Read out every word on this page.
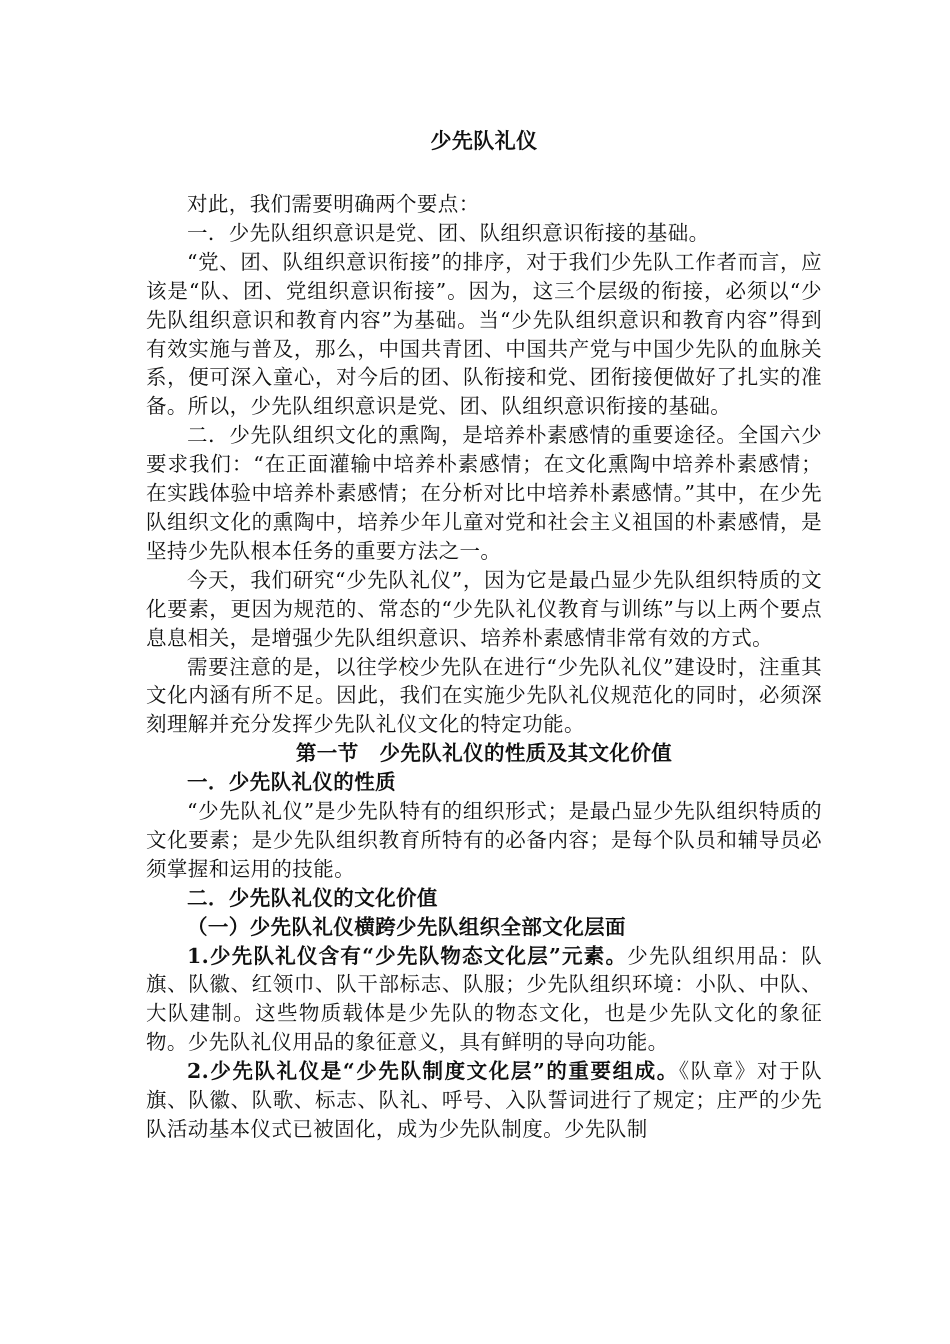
少先队礼仪

对此，我们需要明确两个要点：

一．少先队组织意识是党、团、队组织意识衔接的基础。

“党、团、队组织意识衔接”的排序，对于我们少先队工作者而言，应该是“队、团、党组织意识衔接”。因为，这三个层级的衔接，必须以“少先队组织意识和教育内容”为基础。当“少先队组织意识和教育内容”得到有效实施与普及，那么，中国共青团、中国共产党与中国少先队的血脉关系，便可深入童心，对今后的团、队衔接和党、团衔接便做好了扎实的准备。所以，少先队组织意识是党、团、队组织意识衔接的基础。

二．少先队组织文化的熏陶，是培养朴素感情的重要途径。全国六少要求我们：“在正面灌输中培养朴素感情；在文化熏陶中培养朴素感情；在实践体验中培养朴素感情；在分析对比中培养朴素感情。”其中，在少先队组织文化的熏陶中，培养少年儿童对党和社会主义祖国的朴素感情，是坚持少先队根本任务的重要方法之一。

今天，我们研究“少先队礼仪”，因为它是最凸显少先队组织特质的文化要素，更因为规范的、常态的“少先队礼仪教育与训练”与以上两个要点息息相关，是增强少先队组织意识、培养朴素感情非常有效的方式。

需要注意的是，以往学校少先队在进行“少先队礼仪”建设时，注重其文化内涵有所不足。因此，我们在实施少先队礼仪规范化的同时，必须深刻理解并充分发挥少先队礼仪文化的特定功能。

第一节　少先队礼仪的性质及其文化价值

一．少先队礼仪的性质

“少先队礼仪”是少先队特有的组织形式；是最凸显少先队组织特质的文化要素；是少先队组织教育所特有的必备内容；是每个队员和辅导员必须掌握和运用的技能。

二．少先队礼仪的文化价值

（一）少先队礼仪横跨少先队组织全部文化层面

1.少先队礼仪含有“少先队物态文化层”元素。少先队组织用品：队旗、队徽、红领巾、队干部标志、队服；少先队组织环境：小队、中队、大队建制。这些物质载体是少先队的物态文化，也是少先队文化的象征物。少先队礼仪用品的象征意义，具有鲜明的导向功能。

2.少先队礼仪是“少先队制度文化层”的重要组成。《队章》对于队旗、队徽、队歌、标志、队礼、呼号、入队誓词进行了规定；庄严的少先队活动基本仪式已被固化，成为少先队制度。少先队制
